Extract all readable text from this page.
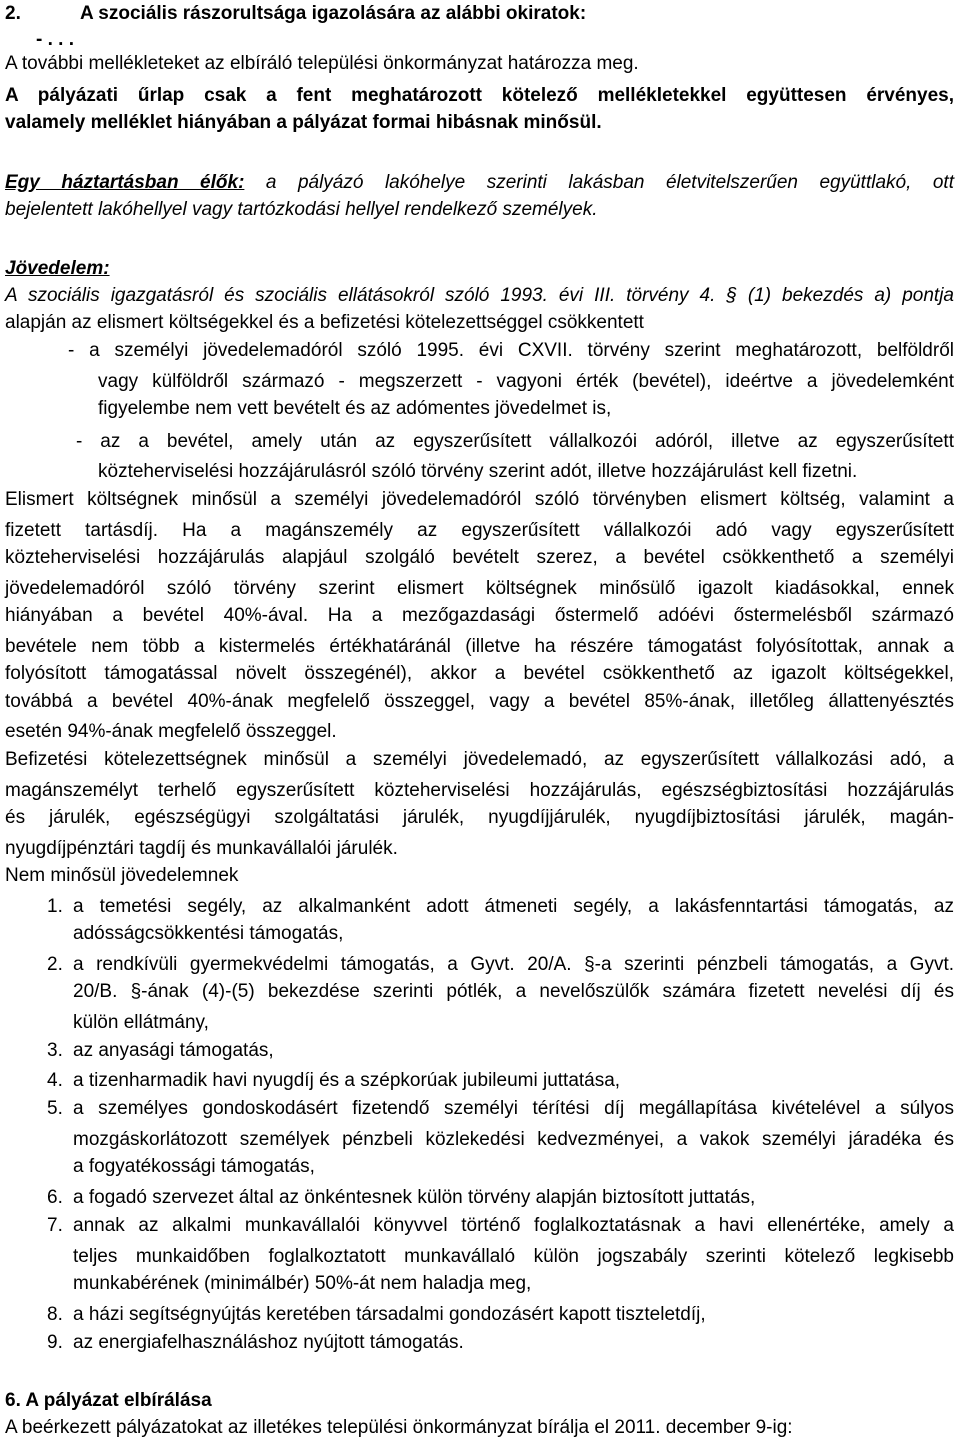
2.	A szociális rászorultsága igazolására az alábbi okiratok:
- . . .
A további mellékleteket az elbíráló települési önkormányzat határozza meg.
A pályázati űrlap csak a fent meghatározott kötelező mellékletekkel együttesen érvényes,
valamely melléklet hiányában a pályázat formai hibásnak minősül.
Egy háztartásban élők: a pályázó lakóhelye szerinti lakásban életvitelszerűen együttlakó, ott
bejelentett lakóhellyel vagy tartózkodási hellyel rendelkező személyek.
Jövedelem:
A szociális igazgatásról és szociális ellátásokról szóló 1993. évi III. törvény 4. § (1) bekezdés a) pontja
alapján az elismert költségekkel és a befizetési kötelezettséggel csökkentett
- a személyi jövedelemadóról szóló 1995. évi CXVII. törvény szerint meghatározott, belföldről
vagy külföldről származó - megszerzett - vagyoni érték (bevétel), ideértve a jövedelemként
figyelembe nem vett bevételt és az adómentes jövedelmet is,
- az a bevétel, amely után az egyszerűsített vállalkozói adóról, illetve az egyszerűsített
közteherviselési hozzájárulásról szóló törvény szerint adót, illetve hozzájárulást kell fizetni.
Elismert költségnek minősül a személyi jövedelemadóról szóló törvényben elismert költség, valamint a
fizetett tartásdíj. Ha a magánszemély az egyszerűsített vállalkozói adó vagy egyszerűsített
közteherviselési hozzájárulás alapjául szolgáló bevételt szerez, a bevétel csökkenthető a személyi
jövedelemadóról szóló törvény szerint elismert költségnek minősülő igazolt kiadásokkal, ennek
hiányában a bevétel 40%-ával. Ha a mezőgazdasági őstermelő adóévi őstermelésből származó
bevétele nem több a kistermelés értékhatáránál (illetve ha részére támogatást folyósítottak, annak a
folyósított támogatással növelt összegénél), akkor a bevétel csökkenthető az igazolt költségekkel,
továbbá a bevétel 40%-ának megfelelő összeggel, vagy a bevétel 85%-ának, illetőleg állattenyésztés
esetén 94%-ának megfelelő összeggel.
Befizetési kötelezettségnek minősül a személyi jövedelemadó, az egyszerűsített vállalkozási adó, a
magánszemélyt terhelő egyszerűsített közteherviselési hozzájárulás, egészségbiztosítási hozzájárulás
és járulék, egészségügyi szolgáltatási járulék, nyugdíjjárulék, nyugdíjbiztosítási járulék, magán-
nyugdíjpénztári tagdíj és munkavállalói járulék.
Nem minősül jövedelemnek
1. a temetési segély, az alkalmanként adott átmeneti segély, a lakásfenntartási támogatás, az
adósságcsökkentési támogatás,
2. a rendkívüli gyermekvédelmi támogatás, a Gyvt. 20/A. §-a szerinti pénzbeli támogatás, a Gyvt.
20/B. §-ának (4)-(5) bekezdése szerinti pótlék, a nevelőszülők számára fizetett nevelési díj és
külön ellátmány,
3. az anyasági támogatás,
4. a tizenharmadik havi nyugdíj és a szépkorúak jubileumi juttatása,
5. a személyes gondoskodásért fizetendő személyi térítési díj megállapítása kivételével a súlyos
mozgáskorlátozott személyek pénzbeli közlekedési kedvezményei, a vakok személyi járadéka és
a fogyatékossági támogatás,
6. a fogadó szervezet által az önkéntesnek külön törvény alapján biztosított juttatás,
7. annak az alkalmi munkavállalói könyvvel történő foglalkoztatásnak a havi ellenértéke, amely a
teljes munkaidőben foglalkoztatott munkavállaló külön jogszabály szerinti kötelező legkisebb
munkabérének (minimálbér) 50%-át nem haladja meg,
8. a házi segítségnyújtás keretében társadalmi gondozásért kapott tiszteletdíj,
9. az energiafelhasználáshoz nyújtott támogatás.
6. A pályázat elbírálása
A beérkezett pályázatokat az illetékes települési önkormányzat bírálja el 2011. december 9-ig:
